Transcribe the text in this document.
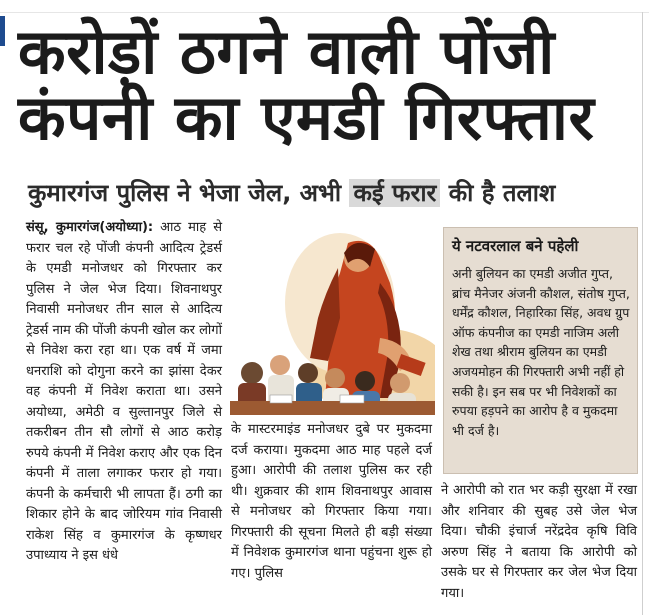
करोड़ों ठगने वाली पोंजी
कंपनी का एमडी गिरफ्तार
कुमारगंज पुलिस ने भेजा जेल, अभी कई फरार की है तलाश
संसू, कुमारगंज(अयोध्या): आठ माह से फरार चल रहे पोंजी कंपनी आदित्य ट्रेडर्स के एमडी मनोजधर को गिरफ्तार कर पुलिस ने जेल भेज दिया। शिवनाथपुर निवासी मनोजधर तीन साल से आदित्य ट्रेडर्स नाम की पोंजी कंपनी खोल कर लोगों से निवेश करा रहा था। एक वर्ष में जमा धनराशि को दोगुना करने का झांसा देकर वह कंपनी में निवेश कराता था। उसने अयोध्या, अमेठी व सुल्तानपुर जिले से तकरीबन तीन सौ लोगों से आठ करोड़ रुपये कंपनी में निवेश कराए और एक दिन कंपनी में ताला लगाकर फरार हो गया। कंपनी के कर्मचारी भी लापता हैं। ठगी का शिकार होने के बाद जोरियम गांव निवासी राकेश सिंह व कुमारगंज के कृष्णधर उपाध्याय ने इस धंधे
के मास्टरमाइंड मनोजधर दुबे पर मुकदमा दर्ज कराया। मुकदमा आठ माह पहले दर्ज हुआ। आरोपी की तलाश पुलिस कर रही थी। शुक्रवार की शाम शिवनाथपुर आवास से मनोजधर को गिरफ्तार किया गया। गिरफ्तारी की सूचना मिलते ही बड़ी संख्या में निवेशक कुमारगंज थाना पहुंचना शुरू हो गए। पुलिस
ये नटवरलाल बने पहेली
अनी बुलियन का एमडी अजीत गुप्त, ब्रांच मैनेजर अंजनी कौशल, संतोष गुप्त, धर्मेंद्र कौशल, निहारिका सिंह, अवध ग्रुप ऑफ कंपनीज का एमडी नाजिम अली शेख तथा श्रीराम बुलियन का एमडी अजयमोहन की गिरफ्तारी अभी नहीं हो सकी है। इन सब पर भी निवेशकों का रुपया हड़पने का आरोप है व मुकदमा भी दर्ज है।
ने आरोपी को रात भर कड़ी सुरक्षा में रखा और शनिवार की सुबह उसे जेल भेज दिया। चौकी इंचार्ज नरेंद्रदेव कृषि विवि अरुण सिंह ने बताया कि आरोपी को उसके घर से गिरफ्तार कर जेल भेज दिया गया।
